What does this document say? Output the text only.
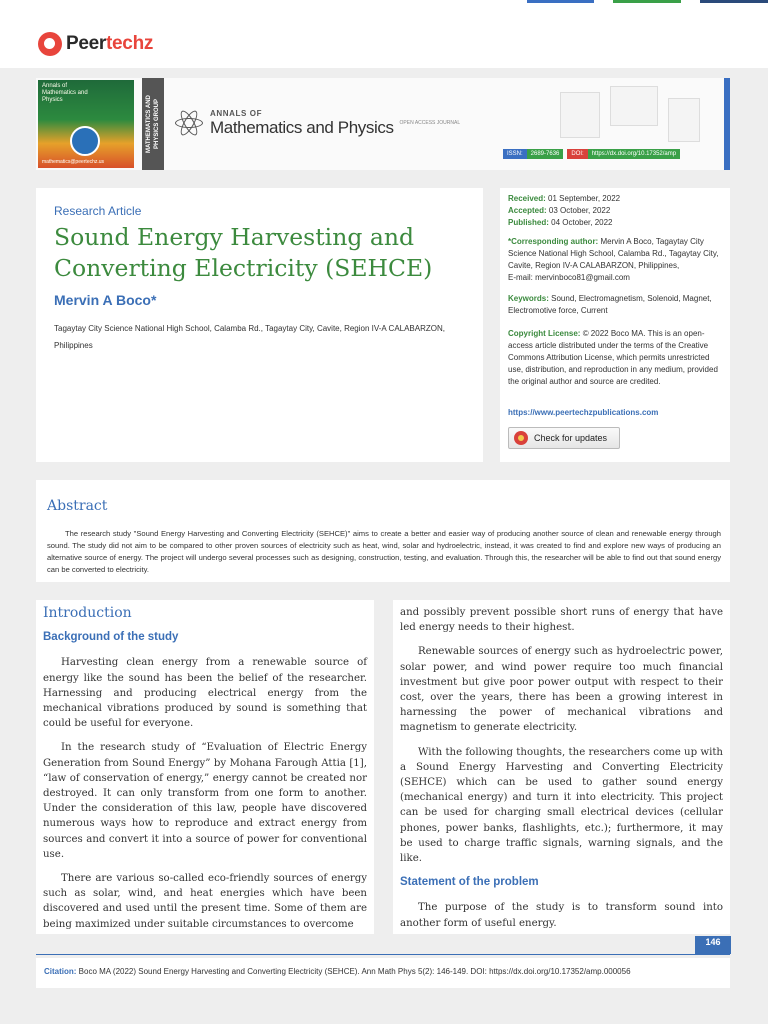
Peertechz
Annals of Mathematics and Physics
mathematics@peertechz.us
MATHEMATICS AND PHYSICS GROUP	ANNALS OF
Mathematics and Physics OPEN ACCESS JOURNAL
ISSN:	2689-7636	DOI:	https://dx.doi.org/10.17352/amp
Research Article
Sound Energy Harvesting and Converting Electricity (SEHCE)
Mervin A Boco*
Tagaytay City Science National High School, Calamba Rd., Tagaytay City, Cavite, Region IV-A CALABARZON, Philippines
Received: 01 September, 2022
Accepted: 03 October, 2022
Published: 04 October, 2022
*Corresponding author: Mervin A Boco, Tagaytay City Science National High School, Calamba Rd., Tagaytay City, Cavite, Region IV-A CALABARZON, Philippines,
E-mail: mervinboco81@gmail.com
Keywords: Sound, Electromagnetism, Solenoid, Magnet, Electromotive force, Current
Copyright License: © 2022 Boco MA. This is an open-access article distributed under the terms of the Creative Commons Attribution License, which permits unrestricted use, distribution, and reproduction in any medium, provided the original author and source are credited.
https://www.peertechzpublications.com
Check for updates
Abstract
The research study "Sound Energy Harvesting and Converting Electricity (SEHCE)" aims to create a better and easier way of producing another source of clean and renewable energy through sound. The study did not aim to be compared to other proven sources of electricity such as heat, wind, solar and hydroelectric, instead, it was created to find and explore new ways of producing an alternative source of energy. The project will undergo several processes such as designing, construction, testing, and evaluation. Through this, the researcher will be able to find out that sound energy can be converted to electricity.
Introduction
Background of the study

Harvesting clean energy from a renewable source of energy like the sound has been the belief of the researcher. Harnessing and producing electrical energy from the mechanical vibrations produced by sound is something that could be useful for everyone.

In the research study of “Evaluation of Electric Energy Generation from Sound Energy” by Mohana Farough Attia [1], “law of conservation of energy,” energy cannot be created nor destroyed. It can only transform from one form to another. Under the consideration of this law, people have discovered numerous ways how to reproduce and extract energy from sources and convert it into a source of power for conventional use.

There are various so-called eco-friendly sources of energy such as solar, wind, and heat energies which have been discovered and used until the present time. Some of them are being maximized under suitable circumstances to overcome

and possibly prevent possible short runs of energy that have led energy needs to their highest.

Renewable sources of energy such as hydroelectric power, solar power, and wind power require too much financial investment but give poor power output with respect to their cost, over the years, there has been a growing interest in harnessing the power of mechanical vibrations and magnetism to generate electricity.

With the following thoughts, the researchers come up with a Sound Energy Harvesting and Converting Electricity (SEHCE) which can be used to gather sound energy (mechanical energy) and turn it into electricity. This project can be used for charging small electrical devices (cellular phones, power banks, flashlights, etc.); furthermore, it may be used to charge traffic signals, warning signals, and the like.

Statement of the problem

The purpose of the study is to transform sound into another form of useful energy.

146
Citation: Boco MA (2022) Sound Energy Harvesting and Converting Electricity (SEHCE). Ann Math Phys 5(2): 146-149. DOI: https://dx.doi.org/10.17352/amp.000056
